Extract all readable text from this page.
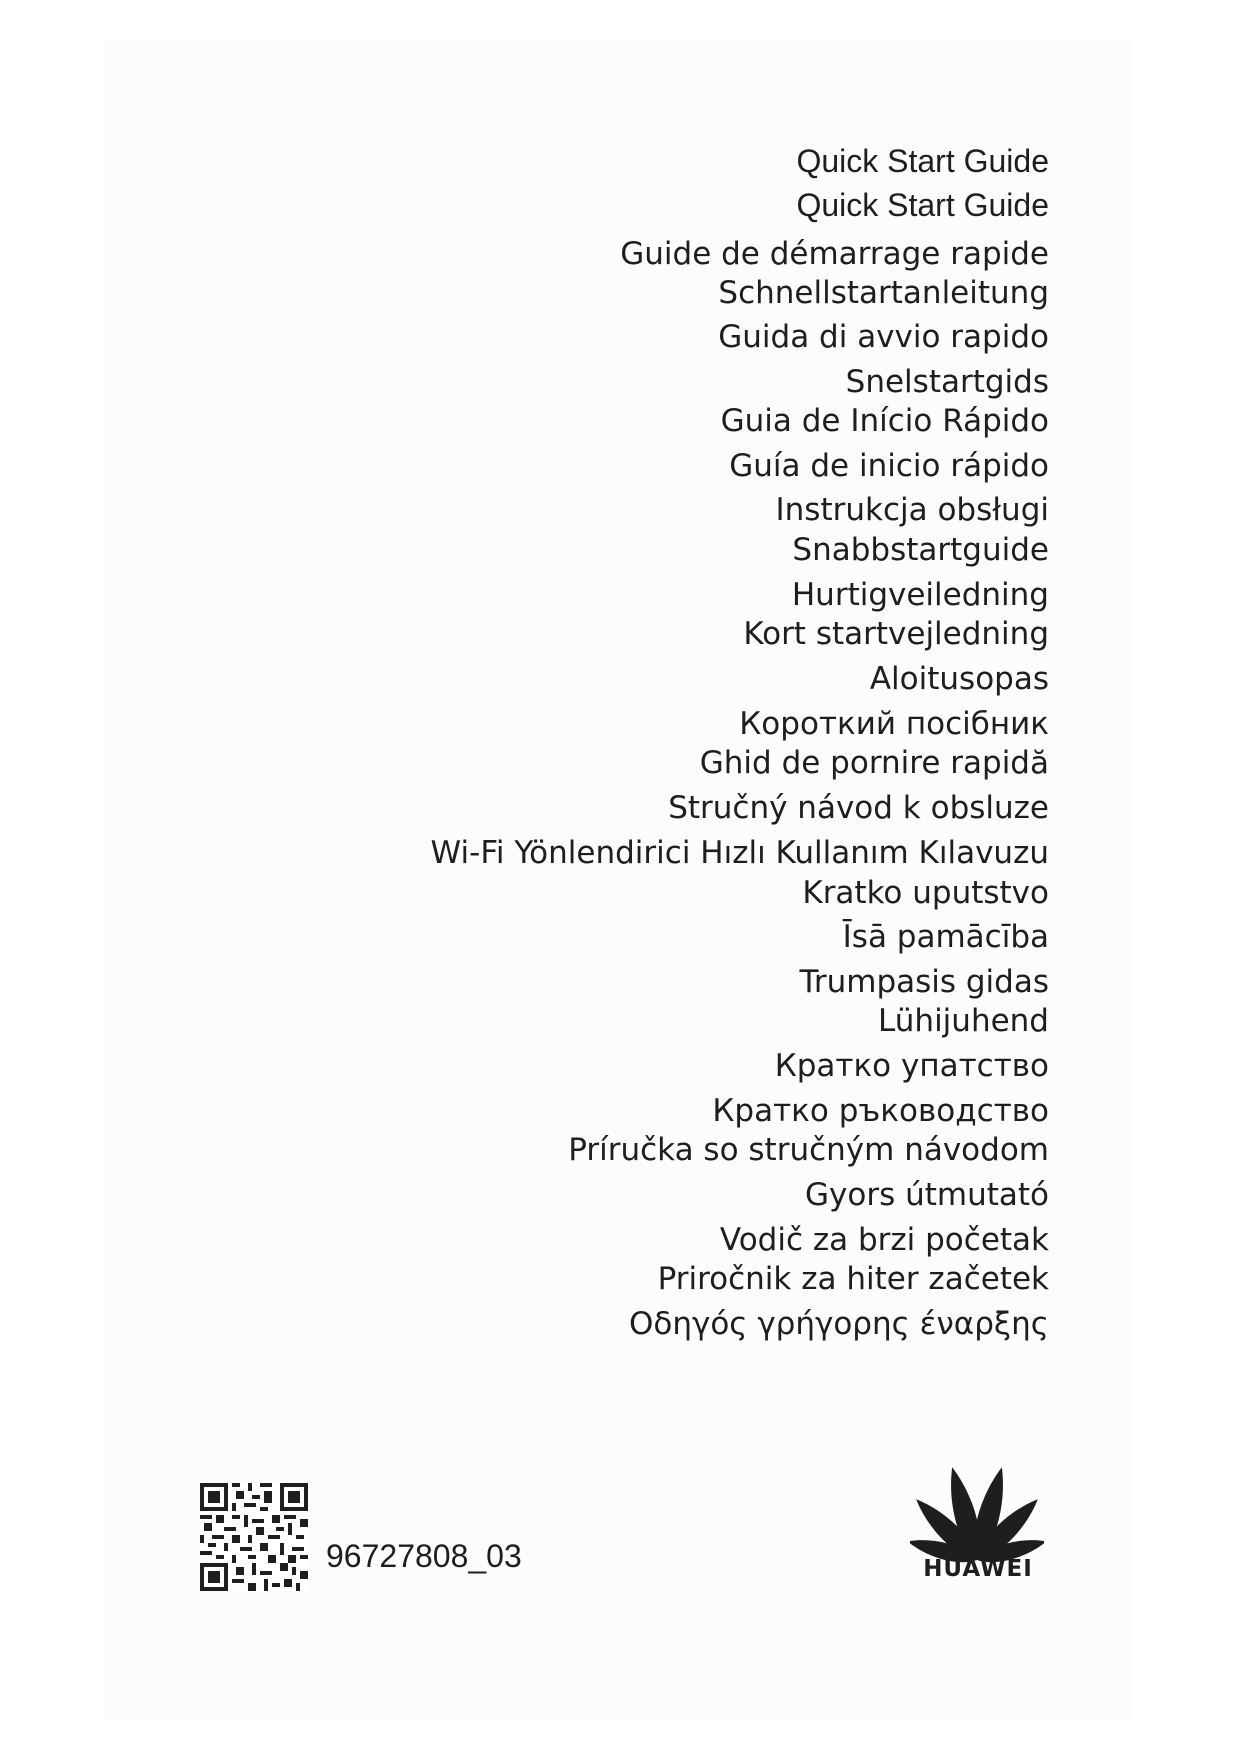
Quick Start Guide
Quick Start Guide
Guide de démarrage rapide
Schnellstartanleitung
Guida di avvio rapido
Snelstartgids
Guia de Início Rápido
Guía de inicio rápido
Instrukcja obsługi
Snabbstartguide
Hurtigveiledning
Kort startvejledning
Aloitusopas
Короткий посібник
Ghid de pornire rapidă
Stručný návod k obsluze
Wi-Fi Yönlendirici Hızlı Kullanım Kılavuzu
Kratko uputstvo
Īsā pamācība
Trumpasis gidas
Lühijuhend
Кратко упатство
Кратко ръководство
Príručka so stručným návodom
Gyors útmutató
Vodič za brzi početak
Priročnik za hiter začetek
Οδηγός γρήγορης έναρξης
96727808_03	HUAWEI
